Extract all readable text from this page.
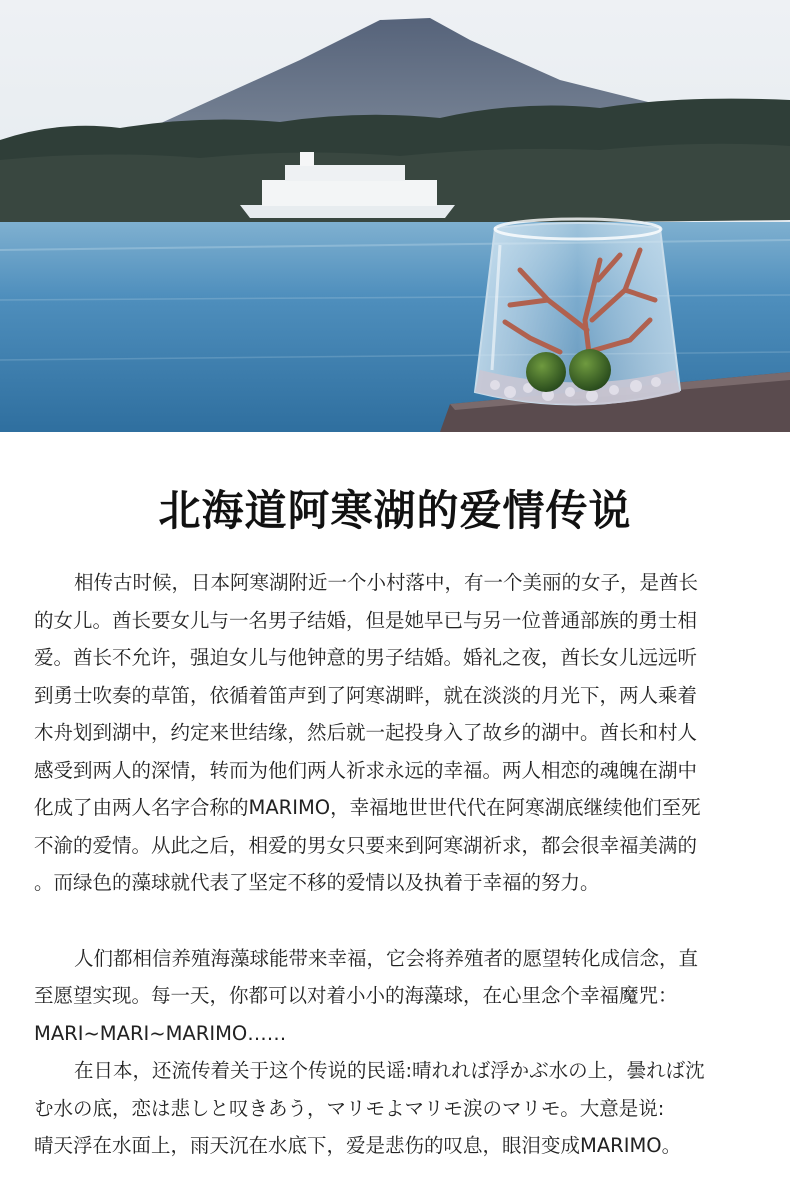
北海道阿寒湖的爱情传说

相传古时候，日本阿寒湖附近一个小村落中，有一个美丽的女子，是酋长

的女儿。酋长要女儿与一名男子结婚，但是她早已与另一位普通部族的勇士相
爱。酋长不允许，强迫女儿与他钟意的男子结婚。婚礼之夜，酋长女儿远远听
到勇士吹奏的草笛，依循着笛声到了阿寒湖畔，就在淡淡的月光下，两人乘着
木舟划到湖中，约定来世结缘，然后就一起投身入了故乡的湖中。酋长和村人
感受到两人的深情，转而为他们两人祈求永远的幸福。两人相恋的魂魄在湖中
化成了由两人名字合称的MARIMO，幸福地世世代代在阿寒湖底继续他们至死
不渝的爱情。从此之后，相爱的男女只要来到阿寒湖祈求，都会很幸福美满的
。而绿色的藻球就代表了坚定不移的爱情以及执着于幸福的努力。

人们都相信养殖海藻球能带来幸福，它会将养殖者的愿望转化成信念，直

至愿望实现。每一天，你都可以对着小小的海藻球，在心里念个幸福魔咒：
MARI~MARI~MARIMO……

在日本，还流传着关于这个传说的民谣:晴れれば浮かぶ水の上，曇れば沈

む水の底，恋は悲しと叹きあう，マリモよマリモ涙のマリモ。大意是说:
晴天浮在水面上，雨天沉在水底下，爱是悲伤的叹息，眼泪变成MARIMO。
